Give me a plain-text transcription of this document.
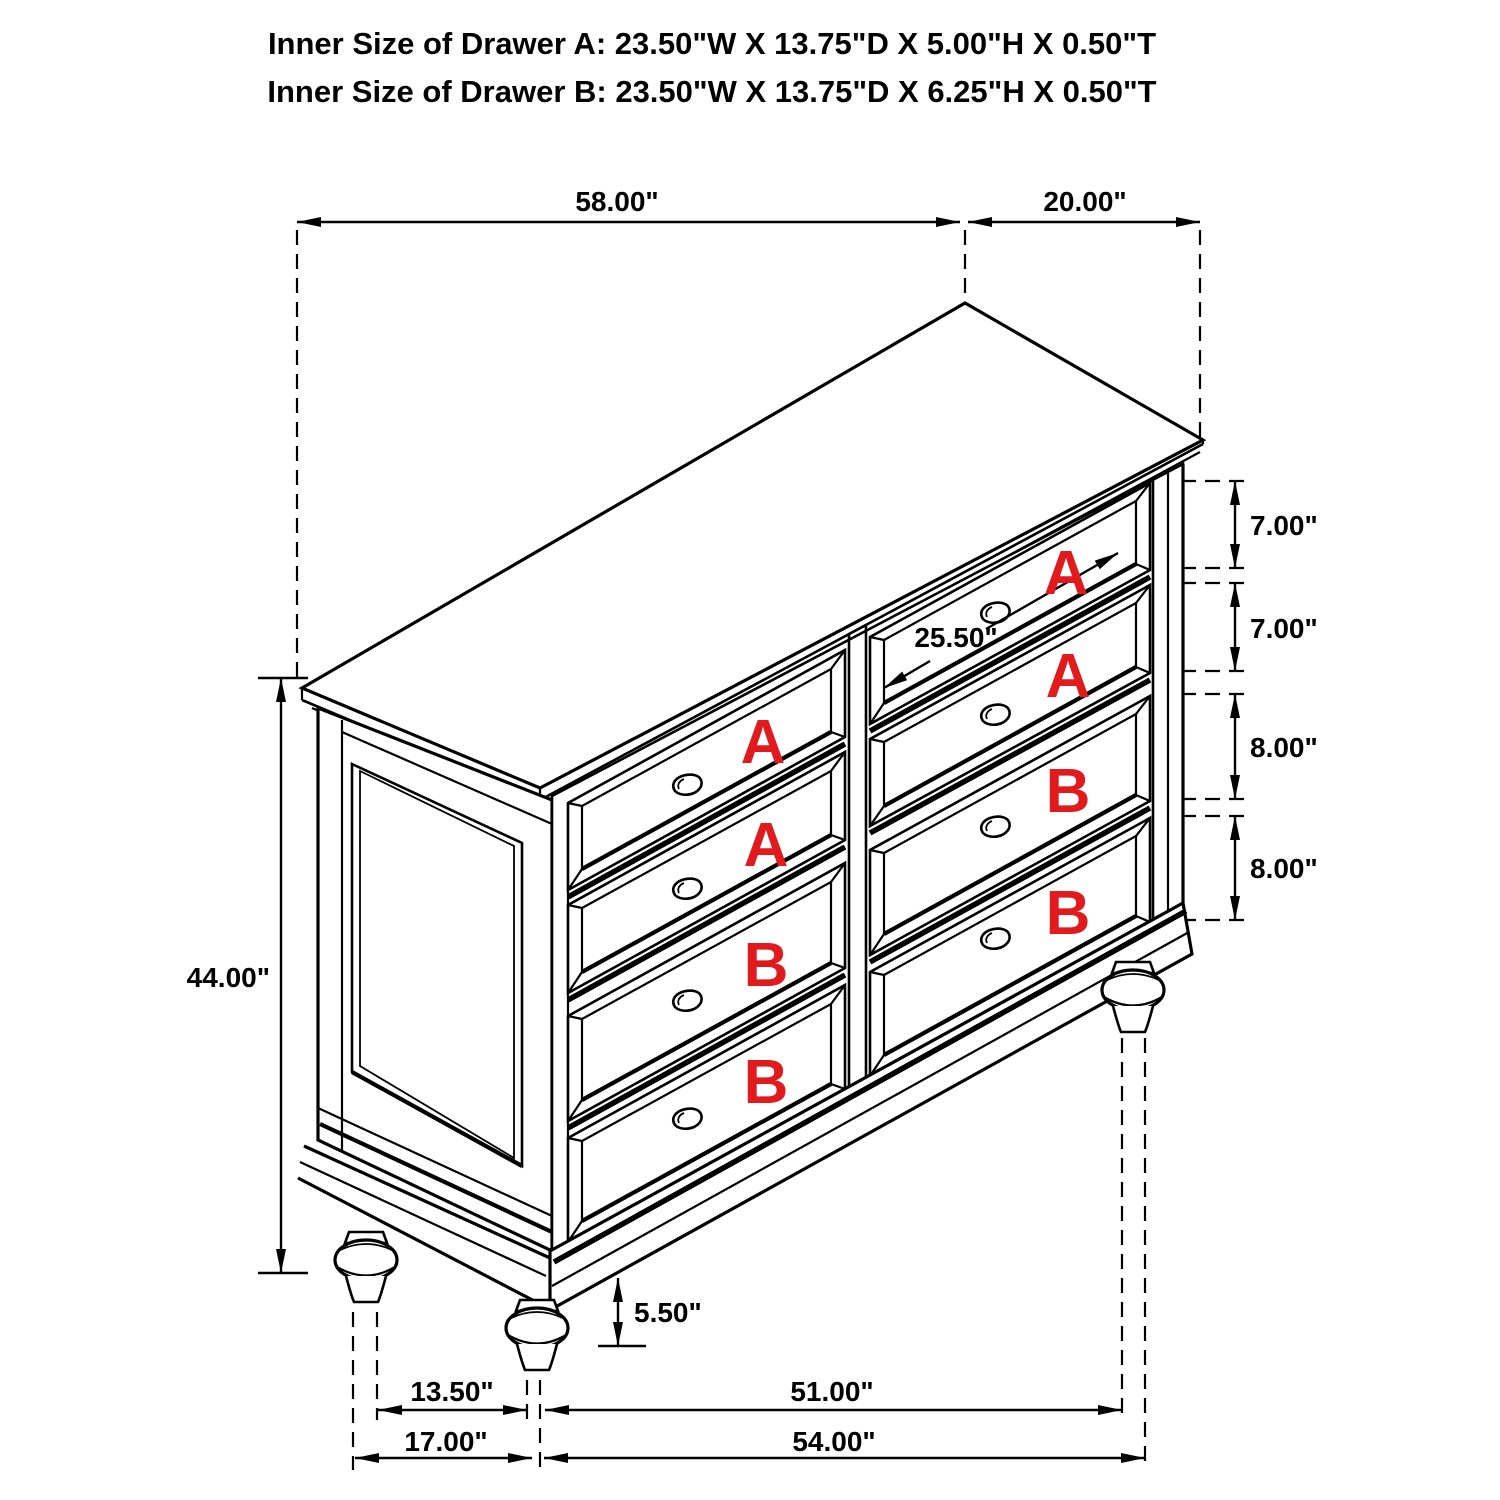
58.00"	20.00"
7.00"
7.00"
8.00"
8.00"
44.00"
25.50"
5.50"
13.50"	51.00"
17.00"	54.00"
A
A
B
B
A
A
B
B
Inner Size of Drawer A: 23.50"W X 13.75"D X 5.00"H X 0.50"T
Inner Size of Drawer B: 23.50"W X 13.75"D X 6.25"H X 0.50"T
